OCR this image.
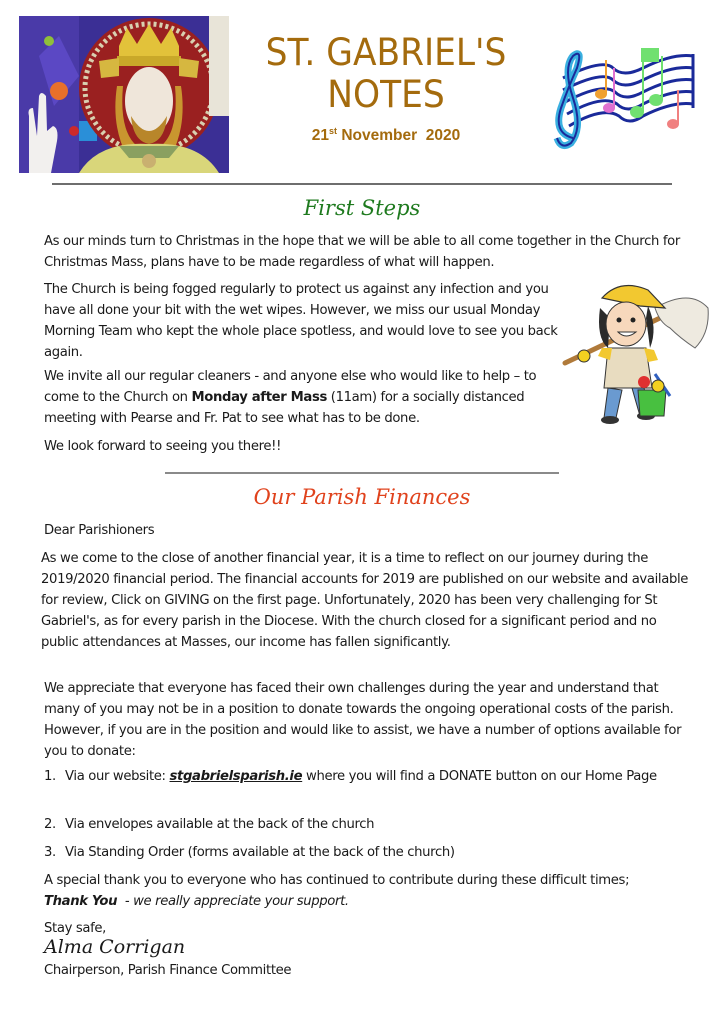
ST. GABRIEL'S
NOTES
21st November  2020
First Steps
As our minds turn to Christmas in the hope that we will be able to all come together in the Church for Christmas Mass, plans have to be made regardless of what will happen.
The Church is being fogged regularly to protect us against any infection and you have all done your bit with the wet wipes. However, we miss our usual Monday Morning Team who kept the whole place spotless, and would love to see you back again.
We invite all our regular cleaners - and anyone else who would like to help – to come to the Church on Monday after Mass (11am) for a socially distanced meeting with Pearse and Fr. Pat to see what has to be done.
We look forward to seeing you there!!
Our Parish Finances
Dear Parishioners
As we come to the close of another financial year, it is a time to reflect on our journey during the 2019/2020 financial period. The financial accounts for 2019 are published on our website and available for review, Click on GIVING on the first page. Unfortunately, 2020 has been very challenging for St Gabriel's, as for every parish in the Diocese. With the church closed for a significant period and no public attendances at Masses, our income has fallen significantly.
We appreciate that everyone has faced their own challenges during the year and understand that many of you may not be in a position to donate towards the ongoing operational costs of the parish. However, if you are in the position and would like to assist, we have a number of options available for you to donate:
1. Via our website: stgabrielsparish.ie where you will find a DONATE button on our Home Page
2. Via envelopes available at the back of the church
3. Via Standing Order (forms available at the back of the church)
A special thank you to everyone who has continued to contribute during these difficult times;
Thank You  - we really appreciate your support.
Stay safe,
Alma Corrigan
Chairperson, Parish Finance Committee
